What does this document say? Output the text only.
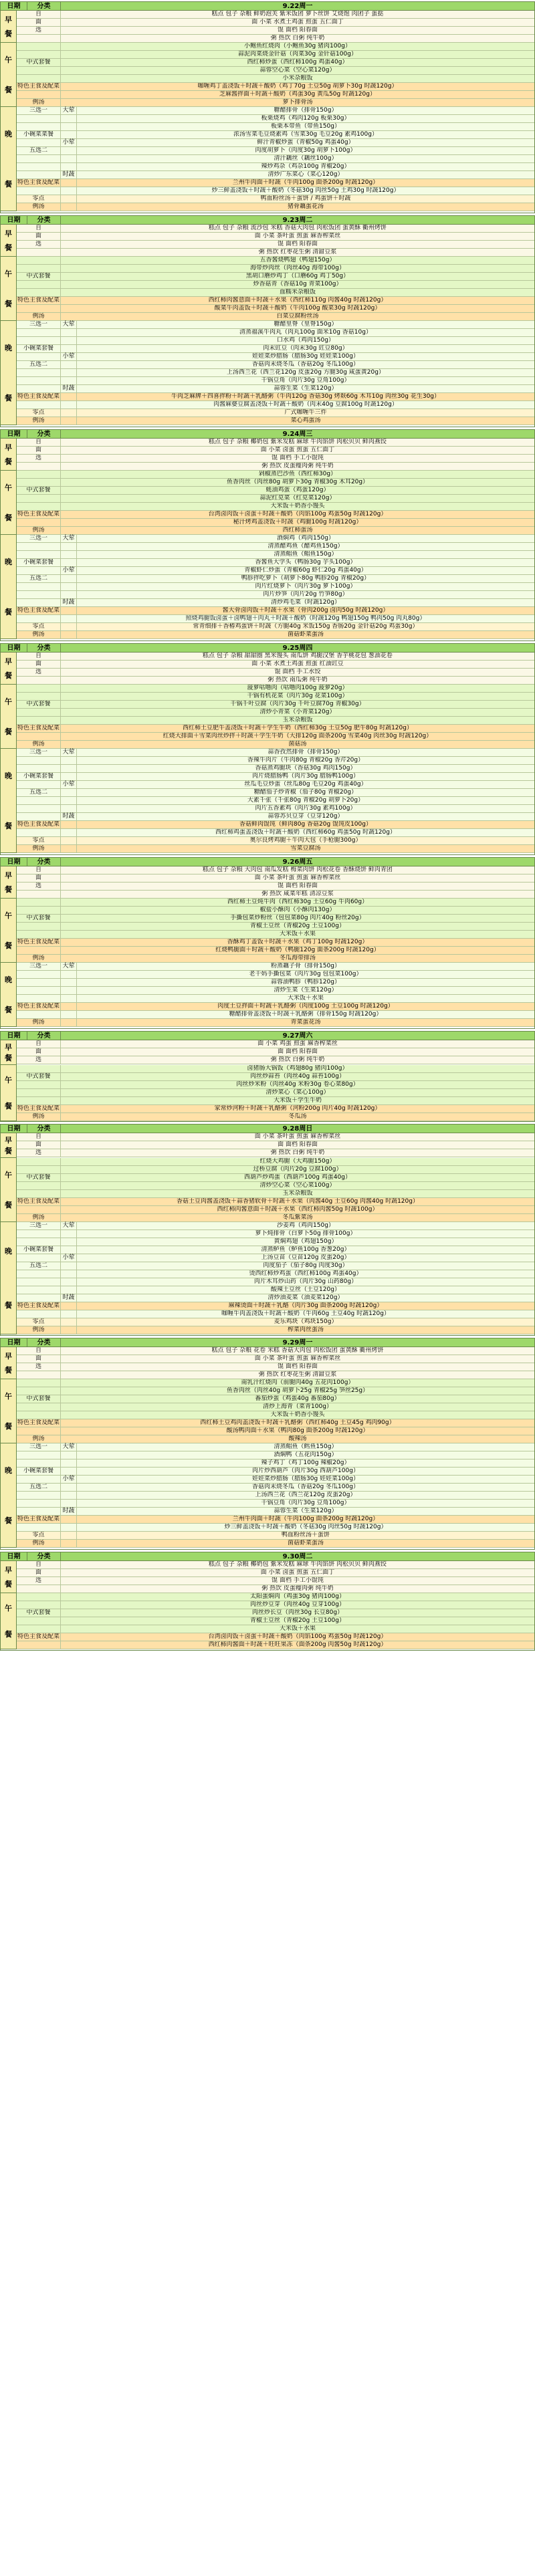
日期	分类	9.22周一
早
餐
自	糕点 包子 杂粮 鲜奶泡芙 紫米饭团 萝卜丝饼 艾烧饱 肉团子 蛋挞
面	面 小菜 水煮土鸡蛋 煎蛋 五仁面丁
选	馄 面档 阳春面
粥 热饮 白粥 纯牛奶
午
餐
小鲍鱼红烧肉（小鲍鱼30g 猪肉100g）
蒜泥肉菜烧金针菇（肉菜30g 金针菇100g）
中式套餐	西红柿炒蛋（西红柿100g 鸡蛋40g）
蒜蓉空心菜（空心菜120g）
小米杂粮饭
特色主食及配菜	咖喱鸡丁盖浇饭＋时蔬＋酸奶（鸡丁70g 土豆50g 胡萝卜30g 时蔬120g）
芝麻酱拌面＋时蔬＋酸奶（鸡蛋30g 黄瓜50g 时蔬120g）
例汤	萝卜排骨汤
晚
餐
三选一	大荤	糖醋排骨（排骨150g）
板栗烧鸡（鸡肉120g 板栗30g）
板栗本带鱼（带鱼150g）
小碗菜菜餐	浓汤雪菜毛豆烧素鸡（雪菜30g 毛豆20g 素鸡100g）
小荤	鲜汁青椒炒蛋（青椒50g 鸡蛋40g）
五选二	肉度胡萝卜（肉度30g 胡萝卜100g）
清汁藕丝（藕丝100g）
辣炒鸡杂（鸡杂100g 青椒20g）
时蔬	清炒广东菜心（菜心120g）
特色主食及配菜	兰州牛肉面＋时蔬（牛肉100g 面条200g 时蔬120g）
炒三鲜盖浇饭＋时蔬＋酸奶（冬菇30g 肉丝50g 土鸡30g 时蔬120g）
零点	鸭血粉丝汤＋蛋饼 / 鸡蛋饼＋时蔬
例汤	猪骨藕蛋花汤
日期	分类	9.23周二
早
餐
自	糕点 包子 杂粮 流沙包 米糕 香菇大肉包 肉松饭团 蛋黄酥 衢州烤饼
面	面 小菜 茶叶蛋 煎蛋 麻香榨菜丝
选	馄 面档 阳春面
粥 热饮 红枣花生粥 清甜豆浆
午
餐
五香酱烧鸭翅（鸭翅150g）
海带炒肉丝（肉丝40g 海带100g）
中式套餐	黑胡口蘑炒鸡丁（口蘑60g 鸡丁50g）
炒香菇青（香菇10g 青菜100g）
血糯米杂粮饭
特色主食及配菜	西红柿肉酱意面＋时蔬＋水果（西红柿110g 肉酱40g 时蔬120g）
酸菜牛肉盖饭＋时蔬＋酸奶（牛肉100g 酸菜30g 时蔬120g）
例汤	白菜豆腐粉丝汤
晚
餐
三选一	大荤	糖醋里脊（里脊150g）
清蒸福溪牛肉丸（肉丸100g 面米10g 香菇10g）
口水鸡（鸡肉150g）
小碗菜套餐	肉末豇豆（肉末30g 豇豆80g）
小荤	娃娃菜炒腊肠（腊肠30g 娃娃菜100g）
五选二	香菇肉末烧冬瓜（香菇20g 冬瓜100g）
上汤西兰花（西兰花120g 皮蛋20g 方腿30g 咸蛋黄20g）
干锅豆角（肉片30g 豆角100g）
时蔬	蒜蓉生菜（生菜120g）
特色主食及配菜	牛肉芝麻牌＋四喜拌粉＋时蔬＋乳酪粥（牛肉120g 香菇30g 烤麸60g 木耳10g 肉丝30g 花生30g）
肉酱麻婆豆腐盖浇饭＋时蔬＋酸奶（肉末40g 豆腐100g 时蔬120g）
零点	广式咖喱牛三件
例汤	菜心鸡蛋汤
日期	分类	9.24周三
早
餐
自	糕点 包子 杂粮 椰奶包 紫米发糕 麻球 牛肉馅饼 肉松贝贝 鲜肉燕饺
面	面 小菜 卤蛋 煎蛋 五仁面丁
选	馄 面档 手工小馄饨
粥 热饮 皮蛋瘦肉粥 纯牛奶
午
餐
剁椒蒸巴沙鱼（西红柿30g）
鱼香肉丝（肉丝80g 胡萝卜30g 青椒30g 木耳20g）
中式套餐	蚝油鸡蛋（鸡蛋120g）
蒜泥红苋菜（红苋菜120g）
大米饭＋奶香小馒头
特色主食及配菜	台湾卤肉饭＋卤蛋＋时蔬＋酸奶（肉馅100g 鸡蛋50g 时蔬120g）
秘汁烤鸡盖浇饭＋时蔬（鸡腿100g 时蔬120g）
例汤	西红柿蛋汤
晚
餐
三选一	大荤	酒焖鸡（鸡肉150g）
清蒸醋鸡鱼（醋鸡鱼150g）
清蒸鲳鱼（鲳鱼150g）
小碗菜套餐	香酱鱼大学头（鸭肠30g 芋头100g）
小荤	青椒虾仁炒蛋（青椒60g 虾仁20g 鸡蛋40g）
五选二	鸭胗拌吃萝卜（胡萝卜80g 鸭胗20g 青椒20g）
肉片红烧萝卜（肉片30g 萝卜100g）
肉片炒笋（肉片20g 竹笋80g）
时蔬	清炒鸡毛菜（时蔬120g）
特色主食及配菜	酱大骨卤肉饭＋时蔬＋水果（骨肉200g 卤肉50g 时蔬120g）
照烧鸡腿饭卤蛋＋卤鸭翅＋肉丸＋时蔬＋酸奶（时蔬120g 鸭翅150g 鸭肉50g 肉丸80g）
零点	常青细排＋香椿鸡蛋饼＋时蔬（方腿40g 米饭150g 香肠20g 金针菇20g 鸡蛋30g）
例汤	菌菇虾菜蛋汤
日期	分类	9.25周四
早
餐
自	糕点 包子 杂粮 甜甜圈 黑米馒头 南瓜饼 鸡腿汉堡 香芋桃花包 葱油花卷
面	面 小菜 水煮土鸡蛋 煎蛋 红油豇豆
选	馄 面档 手工水饺
粥 热饮 南瓜粥 纯牛奶
午
餐
菠萝咕噜肉（咕噜肉100g 菠萝20g）
干锅有机花菜（肉片30g 花菜100g）
中式套餐	干锅千叶豆腐（肉片30g 千叶豆腐70g 青椒30g）
清炒小青菜（小青菜120g）
玉米杂粮饭
特色主食及配菜	西红柿土豆肥牛盖浇饭＋时蔬＋学生牛奶（西红柿30g 土豆50g 肥牛80g 时蔬120g）
红烧大排面＋雪菜肉丝炒拌＋时蔬＋学生牛奶（大排120g 面条200g 雪菜40g 肉丝30g 时蔬120g）
例汤	菌菇汤
晚
餐
三选一	大荤	蒜香孜然排骨（排骨150g）
香辣牛肉片（牛肉80g 青椒20g 香芹20g）
香菇蒸鸡腿块（香菇30g 鸡肉150g）
小碗菜套餐	肉片烧腊肠鸭（肉片30g 腊肠鸭100g）
小荤	丝瓜毛豆炒蛋（丝瓜80g 毛豆20g 鸡蛋40g）
五选二	糖醋茄子炒青椒（茄子80g 青椒20g）
大素千张（千张80g 青椒20g 胡萝卜20g）
肉片五香素鸡（肉片30g 素鸡100g）
时蔬	蒜蓉苏贝豆芽（豆芽120g）
特色主食及配菜	香菇鲜肉馄饨（鲜肉80g 香菇20g 馄饨皮100g）
西红柿鸡蛋盖浇饭＋时蔬＋酸奶（西红柿60g 鸡蛋50g 时蔬120g）
零点	奥尔良烤鸡腿＋牛肉大包（手枪腿300g）
例汤	雪菜豆腐汤
日期	分类	9.26周五
早
餐
自	糕点 包子 杂粮 大肉包 南瓜发糕 梅菜肉饼 肉松花卷 香酥烧饼 鲜肉青团
面	面 小菜 茶叶蛋 煎蛋 麻香榨菜丝
选	馄 面档 阳春面
粥 热饮 咸菜年糕 清凉豆浆
午
餐
西红柿土豆炖牛肉（西红柿30g 土豆60g 牛肉60g）
椒盐小酥肉（小酥肉130g）
中式套餐	手撕包菜炒粉丝（包包菜80g 肉片40g 粉丝20g）
青椒土豆丝（青椒20g 土豆100g）
大米饭＋水果
特色主食及配菜	香酥鸡丁盖饭＋时蔬＋水果（鸡丁100g 时蔬120g）
红烧鸭腿面＋时蔬＋酸奶（鸭腿120g 面条200g 时蔬120g）
例汤	冬瓜海带排汤
晚
餐
三选一	大荤	粉蒸藕子骨（排骨150g）
老干妈手撕包菜（肉片30g 包包菜100g）
蒜蓉油鸭胗（鸭胗120g）
清炒生菜（生菜120g）
大米饭＋水果
特色主食及配菜	肉度土豆拌面＋时蔬＋乳酪粥（肉度100g 土豆100g 时蔬120g）
糖醋排骨盖浇饭＋时蔬＋乳酪粥（排骨150g 时蔬120g）
例汤	青菜蛋花汤
日期	分类	9.27周六
早
餐
自	面 小菜 鸡蛋 煎蛋 麻香榨菜丝
面	面 面档 阳春面
选	粥 热饮 白粥 纯牛奶
午
餐
卤猪肠大锅饭（鸡翅80g 猪肉100g）
中式套餐	肉丝炒蒜苔（肉丝40g 蒜苔100g）
肉丝炒米粉（肉丝40g 米粉30g 卷心菜80g）
清炒菜心（菜心100g）
大米饭＋学生牛奶
特色主食及配菜	家常炒河粉＋时蔬＋乳酪粥（河粉200g 肉片40g 时蔬120g）
例汤	冬瓜汤
日期	分类	9.28周日
早
餐
自	面 小菜 茶叶蛋 煎蛋 麻香榨菜丝
面	面 面档 阳春面
选	粥 热饮 白粥 纯牛奶
午
餐
红烧大鸡腿（大鸡腿150g）
过桥豆腐（肉片20g 豆腐100g）
中式套餐	西葫芦炒鸡蛋（西葫芦100g 鸡蛋40g）
清炒空心菜（空心菜100g）
玉米杂粮饭
特色主食及配菜	香菇土豆肉酱盖浇饭＋蒜香猪软骨＋时蔬＋水果（肉酱40g 土豆60g 肉酱40g 时蔬120g）
西红柿肉酱意面＋时蔬＋水果（西红柿肉酱50g 时蔬100g）
例汤	冬瓜紫菜汤
晚
餐
三选一	大荤	沙姜鸡（鸡肉150g）
萝卜炖排骨（白萝卜50g 排骨100g）
黄焖鸡翅（鸡翅150g）
小碗菜套餐	清蒸鲈鱼（鲈鱼100g 香葱20g）
小荤	上汤豆苗（豆苗120g 皮蛋20g）
五选二	肉度茄子（茄子80g 肉度30g）
烫西红柿炒鸡蛋（西红柿100g 鸡蛋40g）
肉片木耳炒山药（肉片30g 山药80g）
酸辣土豆丝（土豆120g）
时蔬	清炒油麦菜（油麦菜120g）
特色主食及配菜	麻辣烫面＋时蔬＋乳酪（肉片30g 面条200g 时蔬120g）
咖喱牛肉盖浇饭＋时蔬＋酸奶（牛肉60g 土豆40g 时蔬120g）
零点	麦乐鸡块（鸡块150g）
例汤	榨菜肉丝蛋汤
日期	分类	9.29周一
早
餐
自	糕点 包子 杂粮 花卷 米糕 香菇大肉包 肉松饭团 蛋黄酥 衢州烤饼
面	面 小菜 茶叶蛋 煎蛋 麻香榨菜丝
选	馄 面档 阳春面
粥 热饮 红枣花生粥 清甜豆浆
午
餐
南乳汁红烧肉（前腿肉40g 五花肉100g）
鱼香肉丝（肉丝40g 胡萝卜25g 青椒25g 笋丝25g）
中式套餐	番茄炒蛋（鸡蛋40g 番茄80g）
清炒上海青（菜青100g）
大米饭＋奶香小馒头
特色主食及配菜	西红柿土豆鸡肉盖浇饭＋时蔬＋乳酪粥（西红柿40g 土豆45g 鸡肉90g）
酸汤鸭肉面＋水果（鸭肉80g 面条200g 时蔬120g）
例汤	酸辣汤
晚
餐
三选一	大荤	清蒸鲳鱼（鳕鱼150g）
酒焖鸭（五花肉150g）
辣子鸡丁（鸡丁100g 辣椒20g）
小碗菜套餐	肉片炒西葫芦（肉片30g 西葫芦100g）
小荤	娃娃菜炒腊肠（腊肠30g 娃娃菜100g）
五选二	香菇肉末烧冬瓜（香菇20g 冬瓜100g）
上汤西兰花（西兰花120g 皮蛋20g）
干锅豆角（肉片30g 豆角100g）
时蔬	蒜蓉生菜（生菜120g）
特色主食及配菜	兰州牛肉面＋时蔬（牛肉100g 面条200g 时蔬120g）
炒三鲜盖浇饭＋时蔬＋酸奶（冬菇30g 肉丝50g 时蔬120g）
零点	鸭血粉丝汤＋蛋饼
例汤	菌菇虾菜蛋汤
日期	分类	9.30周二
早
餐
自	糕点 包子 杂粮 椰奶包 紫米发糕 麻球 牛肉馅饼 肉松贝贝 鲜肉燕饺
面	面 小菜 卤蛋 煎蛋 五仁面丁
选	馄 面档 手工小馄饨
粥 热饮 皮蛋瘦肉粥 纯牛奶
午
餐
太阳蛋焖肉（鸡蛋30g 猪肉100g）
肉丝炒豆芽（肉丝40g 豆芽100g）
中式套餐	肉丝炒长豆（肉丝30g 长豆80g）
青椒土豆丝（青椒20g 土豆100g）
大米饭＋水果
特色主食及配菜	台湾卤肉饭＋卤蛋＋时蔬＋酸奶（肉馅100g 鸡蛋50g 时蔬120g）
西红柿肉酱面＋时蔬＋旺旺果冻（面条200g 肉酱50g 时蔬120g）
